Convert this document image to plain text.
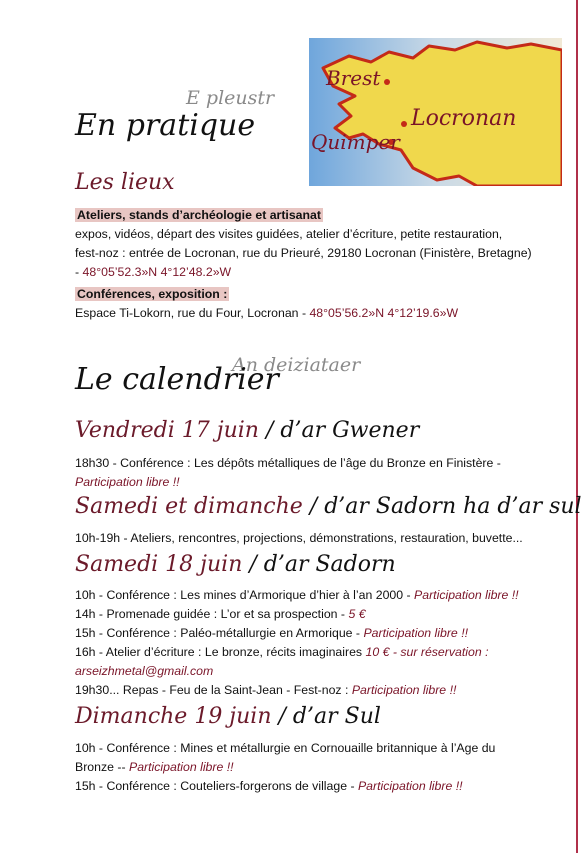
Brest
Locronan
Quimper

E pleustr

En pratique
Les lieux
Ateliers, stands d’archéologie et artisanat
expos, vidéos, départ des visites guidées, atelier d’écriture, petite restauration,
fest-noz : entrée de Locronan, rue du Prieuré, 29180 Locronan (Finistère, Bretagne)
- 48°05’52.3»N 4°12’48.2»W
Conférences, exposition :
Espace Ti-Lokorn, rue du Four, Locronan - 48°05’56.2»N 4°12’19.6»W

An deiziataer

Le calendrier
Vendredi 17 juin / d’ar Gwener
18h30 - Conférence : Les dépôts métalliques de l’âge du Bronze en Finistère -
Participation libre !!
Samedi et dimanche / d’ar Sadorn ha d’ar sul
10h-19h - Ateliers, rencontres, projections, démonstrations, restauration, buvette...
Samedi 18 juin / d’ar Sadorn
10h - Conférence : Les mines d’Armorique d’hier à l’an 2000 - Participation libre !!
14h - Promenade guidée : L’or et sa prospection - 5 €
15h - Conférence : Paléo-métallurgie en Armorique - Participation libre !!
16h - Atelier d’écriture : Le bronze, récits imaginaires 10 € - sur réservation :
arseizhmetal@gmail.com
19h30... Repas - Feu de la Saint-Jean - Fest-noz : Participation libre !!
Dimanche 19 juin / d’ar Sul
10h - Conférence : Mines et métallurgie en Cornouaille britannique à l’Age du
Bronze -- Participation libre !!
15h - Conférence : Couteliers-forgerons de village - Participation libre !!
